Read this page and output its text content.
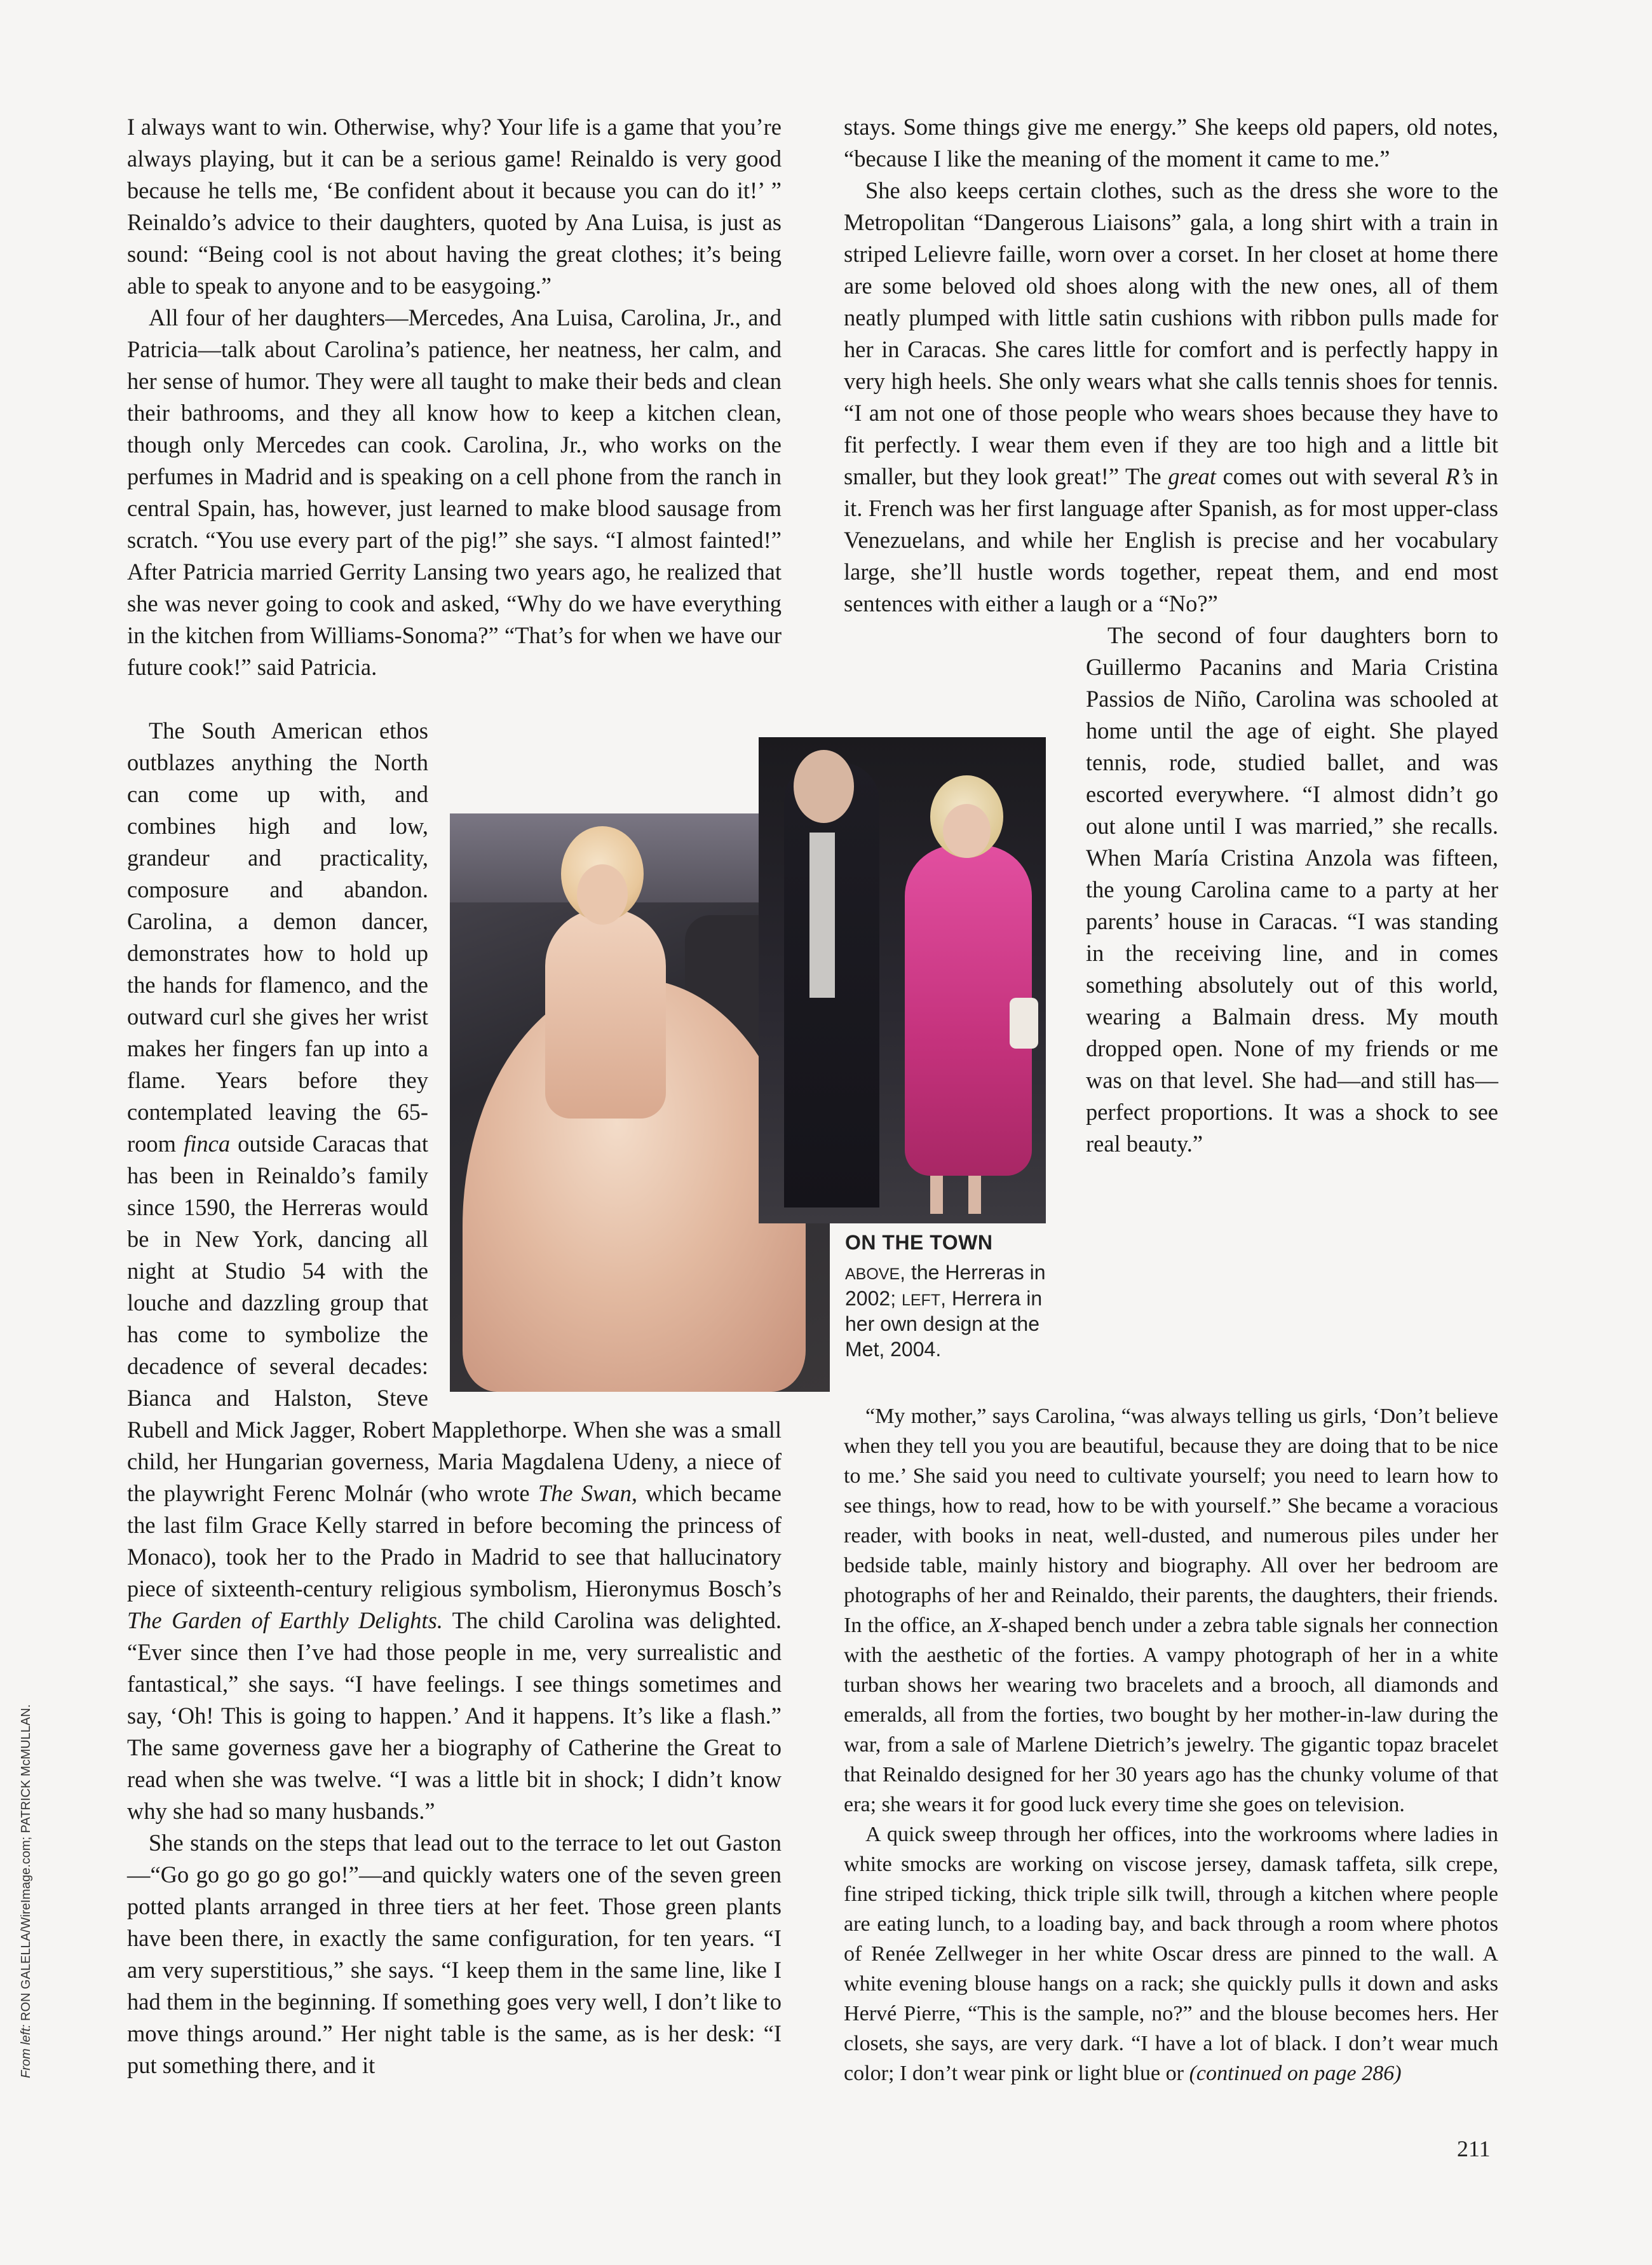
I always want to win. Otherwise, why? Your life is a game that you’re always playing, but it can be a serious game! Reinaldo is very good because he tells me, ‘Be confident about it because you can do it!’ ” Reinaldo’s advice to their daughters, quoted by Ana Luisa, is just as sound: “Being cool is not about having the great clothes; it’s being able to speak to anyone and to be easygoing.”

All four of her daughters—Mercedes, Ana Luisa, Carolina, Jr., and Patricia—talk about Carolina’s patience, her neatness, her calm, and her sense of humor. They were all taught to make their beds and clean their bathrooms, and they all know how to keep a kitchen clean, though only Mercedes can cook. Carolina, Jr., who works on the perfumes in Madrid and is speaking on a cell phone from the ranch in central Spain, has, however, just learned to make blood sausage from scratch. “You use every part of the pig!” she says. “I almost fainted!” After Patricia married Gerrity Lansing two years ago, he realized that she was never going to cook and asked, “Why do we have everything in the kitchen from Williams-Sonoma?” “That’s for when we have our future cook!” said Patricia.

The South American ethos outblazes anything the North can come up with, and combines high and low, grandeur and practicality, composure and abandon. Carolina, a demon dancer, demonstrates how to hold up the hands for flamenco, and the outward curl she gives her wrist makes her fingers fan up into a flame. Years before they contemplated leaving the 65-room finca outside Caracas that has been in Reinaldo’s family since 1590, the Herreras would be in New York, dancing all night at Studio 54 with the louche and dazzling group that has come to symbolize the decadence of several decades: Bianca and Halston, Steve Rubell and Mick Jagger, Robert Mapplethorpe. When she was a small child, her Hungarian governess, Maria Magdalena Udeny, a niece of the playwright Ferenc Molnár (who wrote The Swan, which became the last film Grace Kelly starred in before becoming the princess of Monaco), took her to the Prado in Madrid to see that hallucinatory piece of sixteenth-century religious symbolism, Hieronymus Bosch’s The Garden of Earthly Delights. The child Carolina was delighted. “Ever since then I’ve had those people in me, very surrealistic and fantastical,” she says. “I have feelings. I see things sometimes and say, ‘Oh! This is going to happen.’ And it happens. It’s like a flash.” The same governess gave her a biography of Catherine the Great to read when she was twelve. “I was a little bit in shock; I didn’t know why she had so many husbands.”

She stands on the steps that lead out to the terrace to let out Gaston—“Go go go go go go!”—and quickly waters one of the seven green potted plants arranged in three tiers at her feet. Those green plants have been there, in exactly the same configuration, for ten years. “I am very superstitious,” she says. “I keep them in the same line, like I had them in the beginning. If something goes very well, I don’t like to move things around.” Her night table is the same, as is her desk: “I put something there, and it

stays. Some things give me energy.” She keeps old papers, old notes, “because I like the meaning of the moment it came to me.”

She also keeps certain clothes, such as the dress she wore to the Metropolitan “Dangerous Liaisons” gala, a long shirt with a train in striped Lelievre faille, worn over a corset. In her closet at home there are some beloved old shoes along with the new ones, all of them neatly plumped with little satin cushions with ribbon pulls made for her in Caracas. She cares little for comfort and is perfectly happy in very high heels. She only wears what she calls tennis shoes for tennis. “I am not one of those people who wears shoes because they have to fit perfectly. I wear them even if they are too high and a little bit smaller, but they look great!” The great comes out with several R’s in it. French was her first language after Spanish, as for most upper-class Venezuelans, and while her English is precise and her vocabulary large, she’ll hustle words together, repeat them, and end most sentences with either a laugh or a “No?”

The second of four daughters born to Guillermo Pacanins and Maria Cristina Passios de Niño, Carolina was schooled at home until the age of eight. She played tennis, rode, studied ballet, and was escorted everywhere. “I almost didn’t go out alone until I was married,” she recalls. When María Cristina Anzola was fifteen, the young Carolina came to a party at her parents’ house in Caracas. “I was standing in the receiving line, and in comes something absolutely out of this world, wearing a Balmain dress. My mouth dropped open. None of my friends or me was on that level. She had—and still has—perfect proportions. It was a shock to see real beauty.”

ON THE TOWN
above, the Herreras in 2002; left, Herrera in her own design at the Met, 2004.
From left: RON GALELLA/WireImage.com; PATRICK McMULLAN.
211

“My mother,” says Carolina, “was always telling us girls, ‘Don’t believe when they tell you you are beautiful, because they are doing that to be nice to me.’ She said you need to cultivate yourself; you need to learn how to see things, how to read, how to be with yourself.” She became a voracious reader, with books in neat, well-dusted, and numerous piles under her bedside table, mainly history and biography. All over her bedroom are photographs of her and Reinaldo, their parents, the daughters, their friends. In the office, an X-shaped bench under a zebra table signals her connection with the aesthetic of the forties. A vampy photograph of her in a white turban shows her wearing two bracelets and a brooch, all diamonds and emeralds, all from the forties, two bought by her mother-in-law during the war, from a sale of Marlene Dietrich’s jewelry. The gigantic topaz bracelet that Reinaldo designed for her 30 years ago has the chunky volume of that era; she wears it for good luck every time she goes on television.

A quick sweep through her offices, into the workrooms where ladies in white smocks are working on viscose jersey, damask taffeta, silk crepe, fine striped ticking, thick triple silk twill, through a kitchen where people are eating lunch, to a loading bay, and back through a room where photos of Renée Zellweger in her white Oscar dress are pinned to the wall. A white evening blouse hangs on a rack; she quickly pulls it down and asks Hervé Pierre, “This is the sample, no?” and the blouse becomes hers. Her closets, she says, are very dark. “I have a lot of black. I don’t wear much color; I don’t wear pink or light blue or (continued on page 286)
